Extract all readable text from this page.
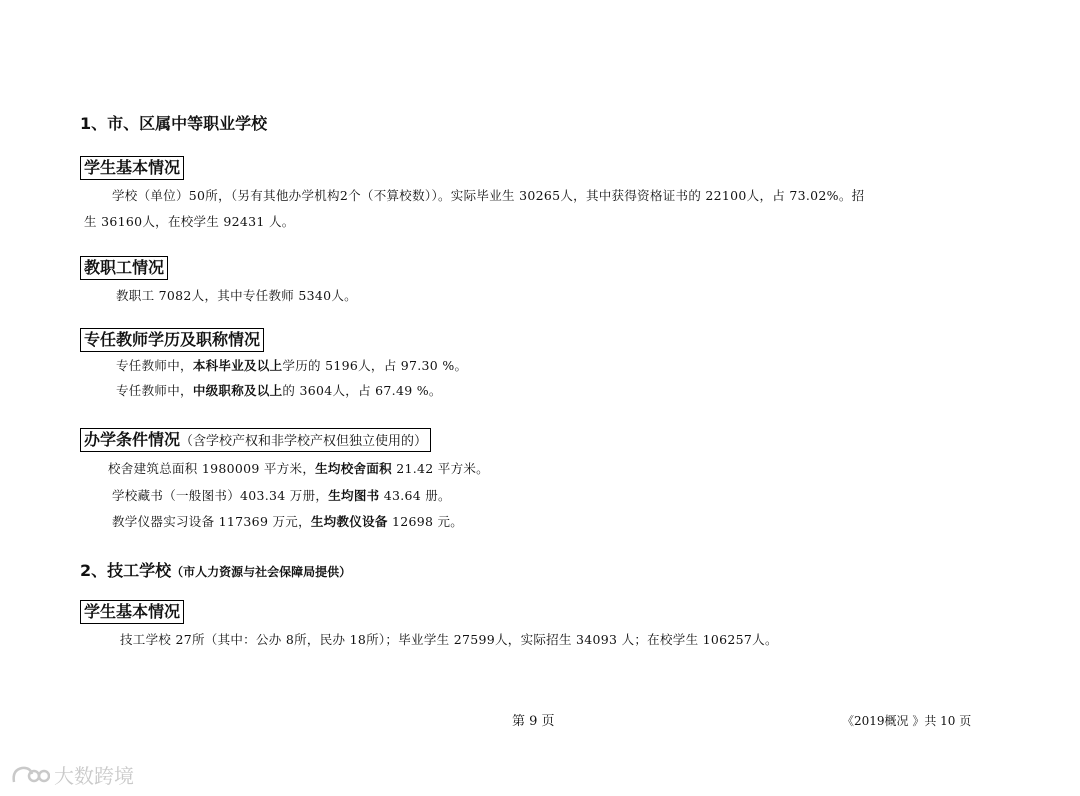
1、市、区属中等职业学校
学生基本情况
学校（单位）50所，（另有其他办学机构2个（不算校数））。实际毕业生 30265人，其中获得资格证书的 22100人，占 73.02%。招
生 36160人，在校学生 92431 人。
教职工情况
教职工 7082人，其中专任教师 5340人。
专任教师学历及职称情况
专任教师中，本科毕业及以上学历的 5196人，占 97.30 %。
专任教师中，中级职称及以上的 3604人，占 67.49 %。
办学条件情况（含学校产权和非学校产权但独立使用的）
校舍建筑总面积 1980009 平方米，生均校舍面积 21.42 平方米。
学校藏书（一般图书）403.34 万册，生均图书 43.64 册。
教学仪器实习设备 117369 万元，生均教仪设备 12698 元。
2、技工学校（市人力资源与社会保障局提供）
学生基本情况
技工学校 27所（其中：公办 8所，民办 18所）；毕业学生 27599人，实际招生 34093 人；在校学生 106257人。
第 9 页	《2019概况 》共 10 页
大数跨境
